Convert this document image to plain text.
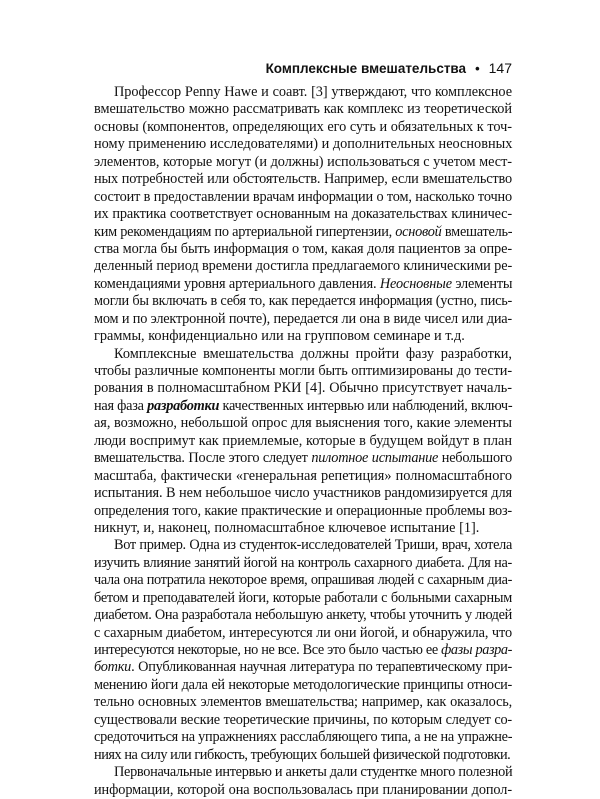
Комплексные вмешательства • 147
Профессор Penny Hawe и соавт. [3] утверждают, что комплексное
вмешательство можно рассматривать как комплекс из теоретической
основы (компонентов, определяющих его суть и обязательных к точ-
ному применению исследователями) и дополнительных неосновных
элементов, которые могут (и должны) использоваться с учетом мест-
ных потребностей или обстоятельств. Например, если вмешательство
состоит в предоставлении врачам информации о том, насколько точно
их практика соответствует основанным на доказательствах клиничес-
ким рекомендациям по артериальной гипертензии, основой вмешатель-
ства могла бы быть информация о том, какая доля пациентов за опре-
деленный период времени достигла предлагаемого клиническими ре-
комендациями уровня артериального давления. Неосновные элементы
могли бы включать в себя то, как передается информация (устно, пись-
мом и по электронной почте), передается ли она в виде чисел или диа-
граммы, конфиденциально или на групповом семинаре и т.д.
Комплексные вмешательства должны пройти фазу разработки,
чтобы различные компоненты могли быть оптимизированы до тести-
рования в полномасштабном РКИ [4]. Обычно присутствует началь-
ная фаза разработки качественных интервью или наблюдений, включ-
ая, возможно, небольшой опрос для выяснения того, какие элементы
люди воспримут как приемлемые, которые в будущем войдут в план
вмешательства. После этого следует пилотное испытание небольшого
масштаба, фактически «генеральная репетиция» полномасштабного
испытания. В нем небольшое число участников рандомизируется для
определения того, какие практические и операционные проблемы воз-
никнут, и, наконец, полномасштабное ключевое испытание [1].
Вот пример. Одна из студенток-исследователей Триши, врач, хотела
изучить влияние занятий йогой на контроль сахарного диабета. Для на-
чала она потратила некоторое время, опрашивая людей с сахарным диа-
бетом и преподавателей йоги, которые работали с больными сахарным
диабетом. Она разработала небольшую анкету, чтобы уточнить у людей
с сахарным диабетом, интересуются ли они йогой, и обнаружила, что
интересуются некоторые, но не все. Все это было частью ее фазы разра-
ботки. Опубликованная научная литература по терапевтическому при-
менению йоги дала ей некоторые методологические принципы относи-
тельно основных элементов вмешательства; например, как оказалось,
существовали веские теоретические причины, по которым следует со-
средоточиться на упражнениях расслабляющего типа, а не на упражне-
ниях на силу или гибкость, требующих большей физической подготовки.
Первоначальные интервью и анкеты дали студентке много полезной
информации, которой она воспользовалась при планировании допол-
